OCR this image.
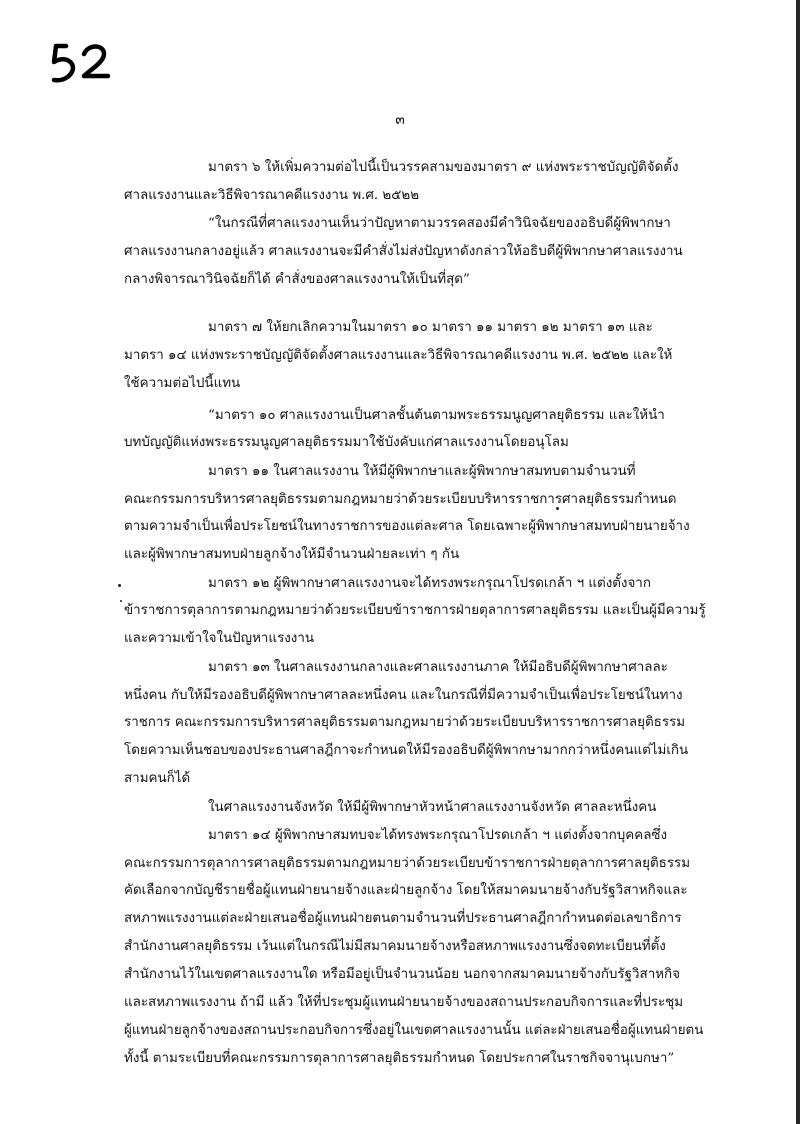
๓
มาตรา ๖ ให้เพิ่มความต่อไปนี้เป็นวรรคสามของมาตรา ๙ แห่งพระราชบัญญัติจัดตั้ง
ศาลแรงงานและวิธีพิจารณาคดีแรงงาน พ.ศ. ๒๕๒๒
“ในกรณีที่ศาลแรงงานเห็นว่าปัญหาตามวรรคสองมีคำวินิจฉัยของอธิบดีผู้พิพากษา
ศาลแรงงานกลางอยู่แล้ว ศาลแรงงานจะมีคำสั่งไม่ส่งปัญหาดังกล่าวให้อธิบดีผู้พิพากษาศาลแรงงาน
กลางพิจารณาวินิจฉัยก็ได้ คำสั่งของศาลแรงงานให้เป็นที่สุด”
มาตรา ๗ ให้ยกเลิกความในมาตรา ๑๐ มาตรา ๑๑ มาตรา ๑๒ มาตรา ๑๓ และ
มาตรา ๑๔ แห่งพระราชบัญญัติจัดตั้งศาลแรงงานและวิธีพิจารณาคดีแรงงาน พ.ศ. ๒๕๒๒ และให้
ใช้ความต่อไปนี้แทน
“มาตรา ๑๐ ศาลแรงงานเป็นศาลชั้นต้นตามพระธรรมนูญศาลยุติธรรม และให้นำ
บทบัญญัติแห่งพระธรรมนูญศาลยุติธรรมมาใช้บังคับแก่ศาลแรงงานโดยอนุโลม
มาตรา ๑๑ ในศาลแรงงาน ให้มีผู้พิพากษาและผู้พิพากษาสมทบตามจำนวนที่
คณะกรรมการบริหารศาลยุติธรรมตามกฎหมายว่าด้วยระเบียบบริหารราชการศาลยุติธรรมกำหนด
ตามความจำเป็นเพื่อประโยชน์ในทางราชการของแต่ละศาล โดยเฉพาะผู้พิพากษาสมทบฝ่ายนายจ้าง
และผู้พิพากษาสมทบฝ่ายลูกจ้างให้มีจำนวนฝ่ายละเท่า ๆ กัน
มาตรา ๑๒ ผู้พิพากษาศาลแรงงานจะได้ทรงพระกรุณาโปรดเกล้า ฯ แต่งตั้งจาก
ข้าราชการตุลาการตามกฎหมายว่าด้วยระเบียบข้าราชการฝ่ายตุลาการศาลยุติธรรม และเป็นผู้มีความรู้
และความเข้าใจในปัญหาแรงงาน
มาตรา ๑๓ ในศาลแรงงานกลางและศาลแรงงานภาค ให้มีอธิบดีผู้พิพากษาศาลละ
หนึ่งคน กับให้มีรองอธิบดีผู้พิพากษาศาลละหนึ่งคน และในกรณีที่มีความจำเป็นเพื่อประโยชน์ในทาง
ราชการ คณะกรรมการบริหารศาลยุติธรรมตามกฎหมายว่าด้วยระเบียบบริหารราชการศาลยุติธรรม
โดยความเห็นชอบของประธานศาลฎีกาจะกำหนดให้มีรองอธิบดีผู้พิพากษามากกว่าหนึ่งคนแต่ไม่เกิน
สามคนก็ได้
ในศาลแรงงานจังหวัด ให้มีผู้พิพากษาหัวหน้าศาลแรงงานจังหวัด ศาลละหนึ่งคน
มาตรา ๑๔ ผู้พิพากษาสมทบจะได้ทรงพระกรุณาโปรดเกล้า ฯ แต่งตั้งจากบุคคลซึ่ง
คณะกรรมการตุลาการศาลยุติธรรมตามกฎหมายว่าด้วยระเบียบข้าราชการฝ่ายตุลาการศาลยุติธรรม
คัดเลือกจากบัญชีรายชื่อผู้แทนฝ่ายนายจ้างและฝ่ายลูกจ้าง โดยให้สมาคมนายจ้างกับรัฐวิสาหกิจและ
สหภาพแรงงานแต่ละฝ่ายเสนอชื่อผู้แทนฝ่ายตนตามจำนวนที่ประธานศาลฎีกากำหนดต่อเลขาธิการ
สำนักงานศาลยุติธรรม เว้นแต่ในกรณีไม่มีสมาคมนายจ้างหรือสหภาพแรงงานซึ่งจดทะเบียนที่ตั้ง
สำนักงานไว้ในเขตศาลแรงงานใด หรือมีอยู่เป็นจำนวนน้อย นอกจากสมาคมนายจ้างกับรัฐวิสาหกิจ
และสหภาพแรงงาน ถ้ามี แล้ว ให้ที่ประชุมผู้แทนฝ่ายนายจ้างของสถานประกอบกิจการและที่ประชุม
ผู้แทนฝ่ายลูกจ้างของสถานประกอบกิจการซึ่งอยู่ในเขตศาลแรงงานนั้น แต่ละฝ่ายเสนอชื่อผู้แทนฝ่ายตน
ทั้งนี้ ตามระเบียบที่คณะกรรมการตุลาการศาลยุติธรรมกำหนด โดยประกาศในราชกิจจานุเบกษา”
